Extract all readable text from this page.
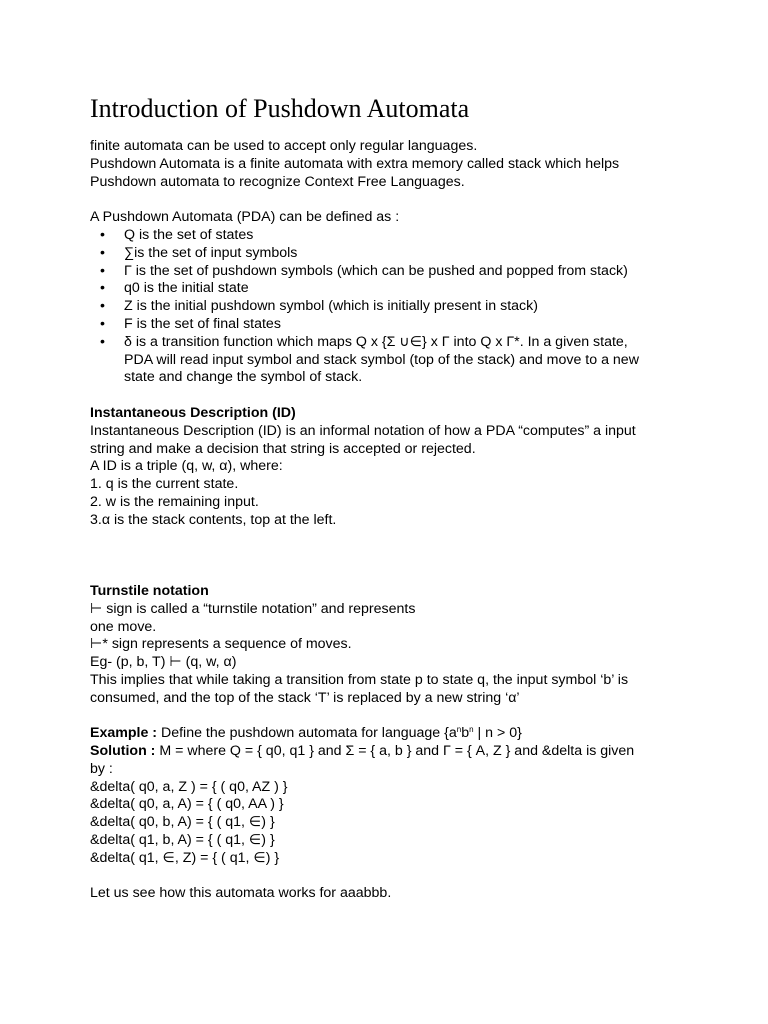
Introduction of Pushdown Automata
finite automata can be used to accept only regular languages.
Pushdown Automata is a finite automata with extra memory called stack which helps
Pushdown automata to recognize Context Free Languages.
A Pushdown Automata (PDA) can be defined as :
• Q is the set of states
• ∑is the set of input symbols
• Γ is the set of pushdown symbols (which can be pushed and popped from stack)
• q0 is the initial state
• Z is the initial pushdown symbol (which is initially present in stack)
• F is the set of final states
• δ is a transition function which maps Q x {Σ ∪∈} x Γ into Q x Γ*. In a given state,
PDA will read input symbol and stack symbol (top of the stack) and move to a new
state and change the symbol of stack.
Instantaneous Description (ID)
Instantaneous Description (ID) is an informal notation of how a PDA “computes” a input
string and make a decision that string is accepted or rejected.
A ID is a triple (q, w, α), where:
1. q is the current state.
2. w is the remaining input.
3.α is the stack contents, top at the left.
Turnstile notation
⊢ sign is called a “turnstile notation” and represents
one move.
⊢* sign represents a sequence of moves.
Eg- (p, b, T) ⊢ (q, w, α)
This implies that while taking a transition from state p to state q, the input symbol ‘b’ is
consumed, and the top of the stack ‘T’ is replaced by a new string ‘α’
Example : Define the pushdown automata for language {$a^nb^n$ | n > 0}
Solution : M = where Q = { q0, q1 } and Σ = { a, b } and Γ = { A, Z } and &delta is given
by :
&delta( q0, a, Z ) = { ( q0, AZ ) }
&delta( q0, a, A) = { ( q0, AA ) }
&delta( q0, b, A) = { ( q1, ∈) }
&delta( q1, b, A) = { ( q1, ∈) }
&delta( q1, ∈, Z) = { ( q1, ∈) }
Let us see how this automata works for aaabbb.
